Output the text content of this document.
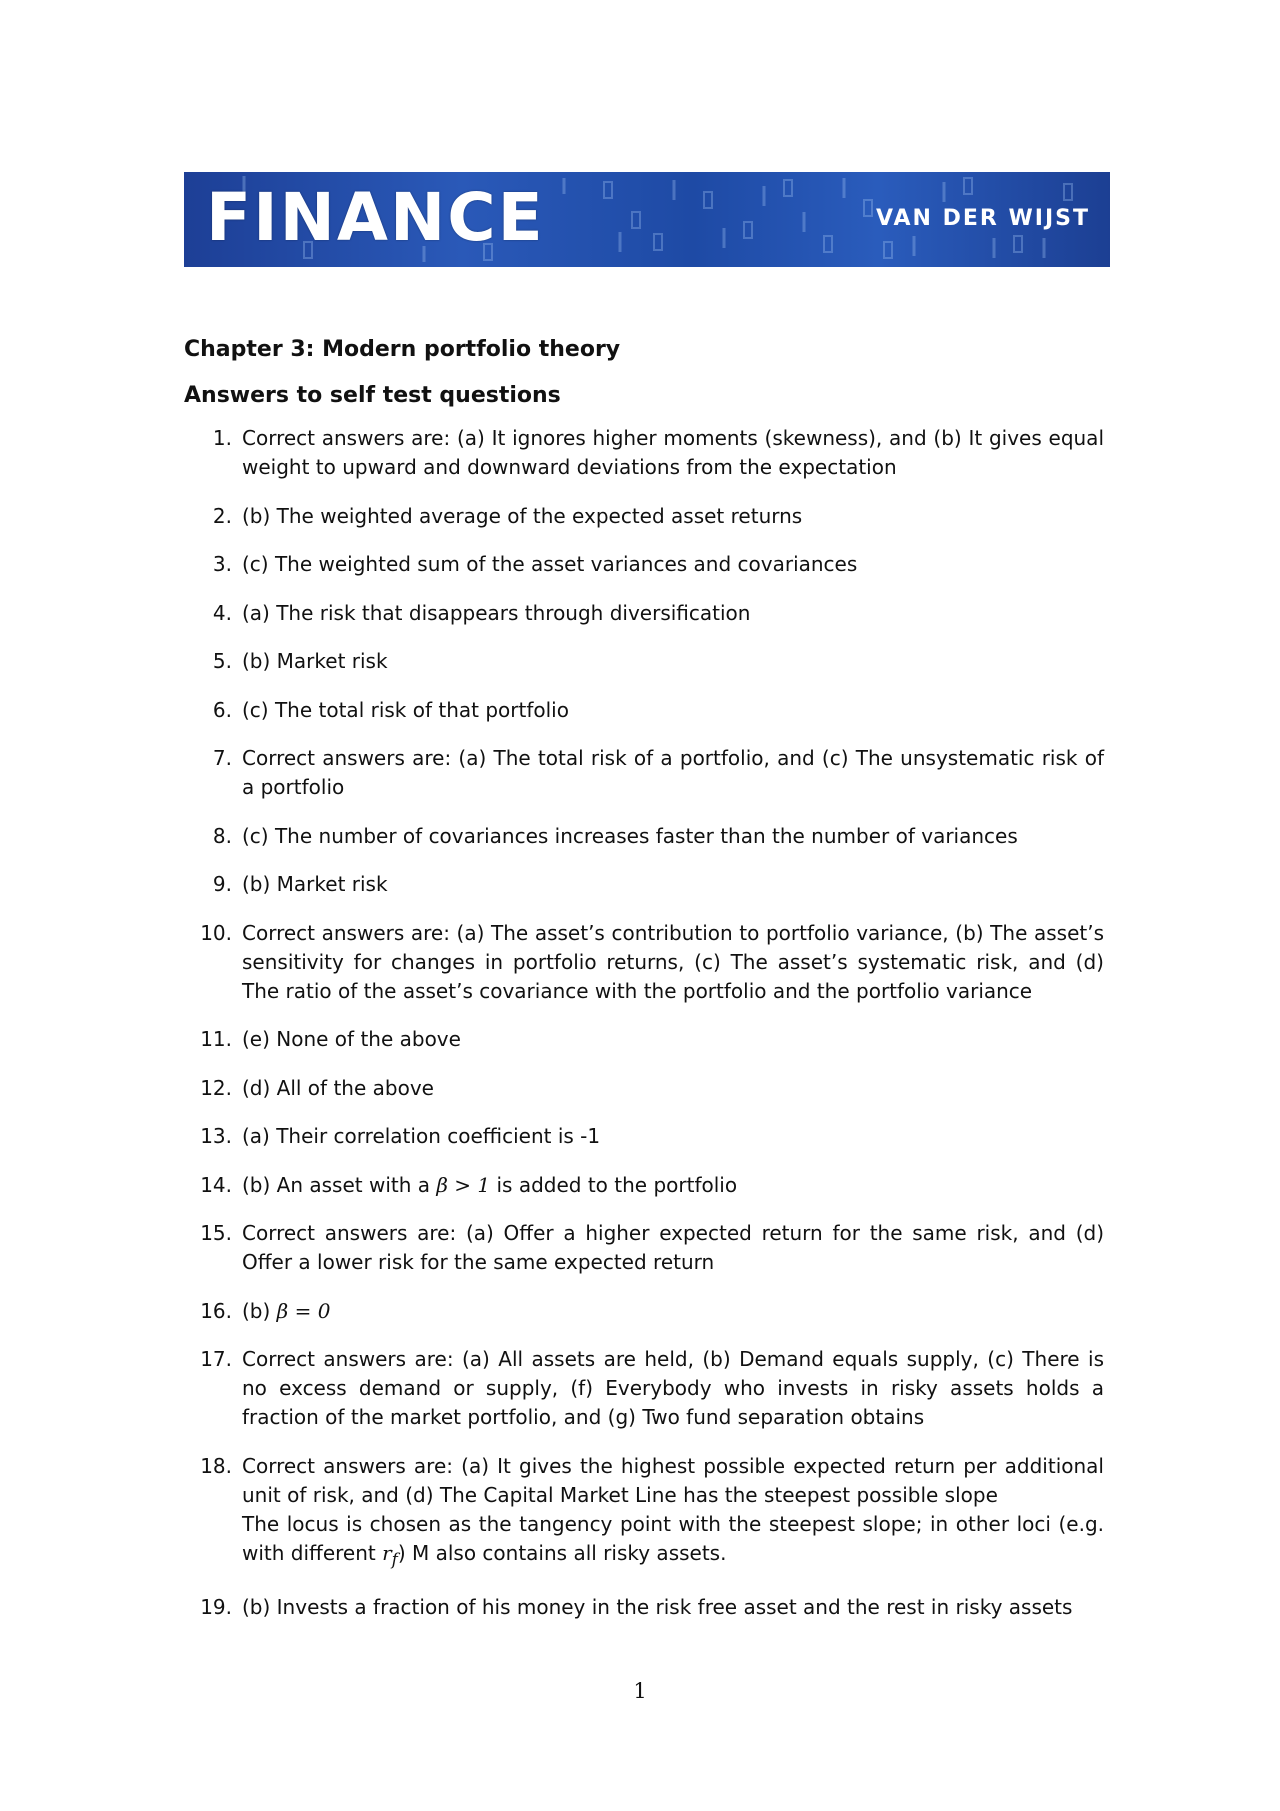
FINANCE	VAN DER WIJST
Chapter 3: Modern portfolio theory
Answers to self test questions
1. Correct answers are: (a) It ignores higher moments (skewness), and (b) It gives equal weight to upward and downward deviations from the expectation
2. (b) The weighted average of the expected asset returns
3. (c) The weighted sum of the asset variances and covariances
4. (a) The risk that disappears through diversification
5. (b) Market risk
6. (c) The total risk of that portfolio
7. Correct answers are: (a) The total risk of a portfolio, and (c) The unsystematic risk of a portfolio
8. (c) The number of covariances increases faster than the number of variances
9. (b) Market risk
10. Correct answers are: (a) The asset’s contribution to portfolio variance, (b) The asset’s sensitivity for changes in portfolio returns, (c) The asset’s systematic risk, and (d) The ratio of the asset’s covariance with the portfolio and the portfolio variance
11. (e) None of the above
12. (d) All of the above
13. (a) Their correlation coefficient is -1
14. (b) An asset with a β > 1 is added to the portfolio
15. Correct answers are: (a) Offer a higher expected return for the same risk, and (d) Offer a lower risk for the same expected return
16. (b) β = 0
17. Correct answers are: (a) All assets are held, (b) Demand equals supply, (c) There is no excess demand or supply, (f) Everybody who invests in risky assets holds a fraction of the market portfolio, and (g) Two fund separation obtains
18. Correct answers are: (a) It gives the highest possible expected return per additional unit of risk, and (d) The Capital Market Line has the steepest possible slope
The locus is chosen as the tangency point with the steepest slope; in other loci (e.g. with different $r_f$) M also contains all risky assets.
19. (b) Invests a fraction of his money in the risk free asset and the rest in risky assets
1
